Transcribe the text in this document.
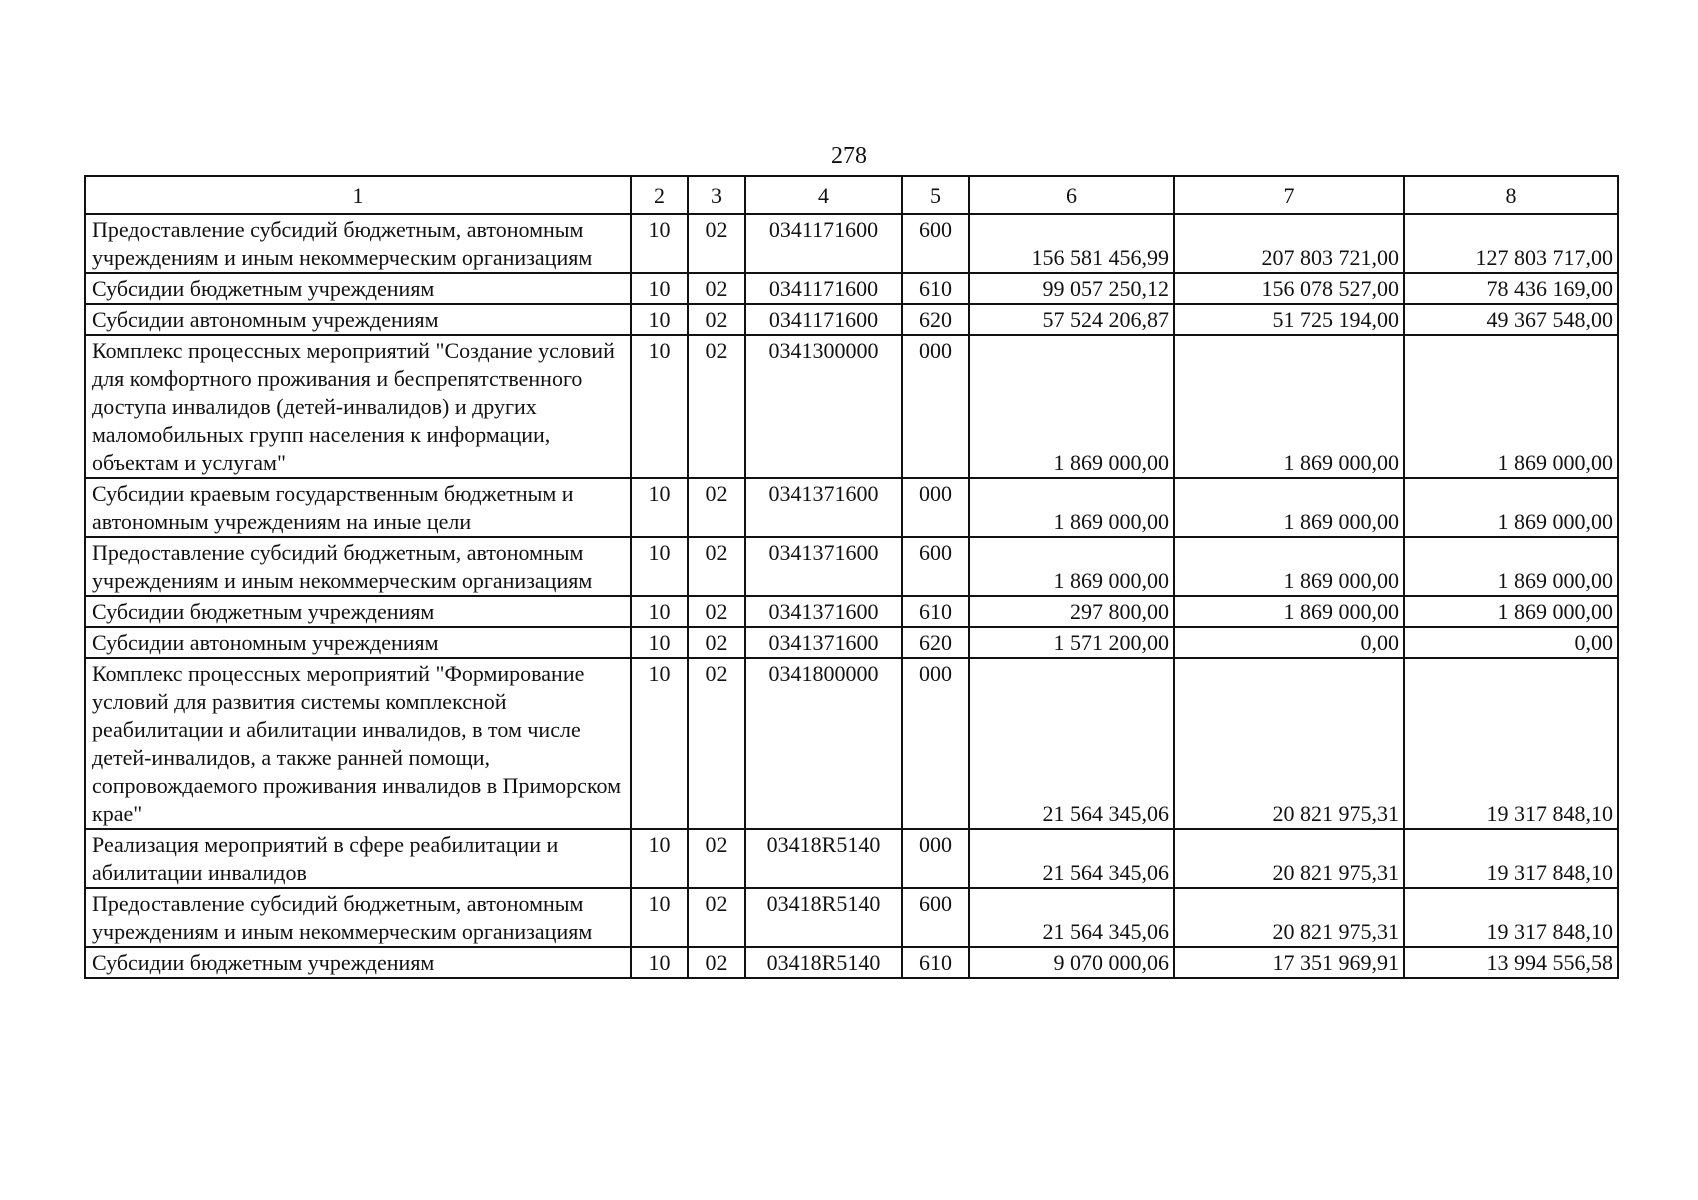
278
1	2	3	4	5	6	7	8
Предоставление субсидий бюджетным, автономным учреждениям и иным некоммерческим организациям	10	02	0341171600	600	156 581 456,99	207 803 721,00	127 803 717,00
Субсидии бюджетным учреждениям	10	02	0341171600	610	99 057 250,12	156 078 527,00	78 436 169,00
Субсидии автономным учреждениям	10	02	0341171600	620	57 524 206,87	51 725 194,00	49 367 548,00
Комплекс процессных мероприятий "Создание условий для комфортного проживания и беспрепятственного доступа инвалидов (детей-инвалидов) и других маломобильных групп населения к информации, объектам и услугам"	10	02	0341300000	000	1 869 000,00	1 869 000,00	1 869 000,00
Субсидии краевым государственным бюджетным и автономным учреждениям на иные цели	10	02	0341371600	000	1 869 000,00	1 869 000,00	1 869 000,00
Предоставление субсидий бюджетным, автономным учреждениям и иным некоммерческим организациям	10	02	0341371600	600	1 869 000,00	1 869 000,00	1 869 000,00
Субсидии бюджетным учреждениям	10	02	0341371600	610	297 800,00	1 869 000,00	1 869 000,00
Субсидии автономным учреждениям	10	02	0341371600	620	1 571 200,00	0,00	0,00
Комплекс процессных мероприятий "Формирование условий для развития системы комплексной реабилитации и абилитации инвалидов, в том числе детей-инвалидов, а также ранней помощи, сопровождаемого проживания инвалидов в Приморском крае"	10	02	0341800000	000	21 564 345,06	20 821 975,31	19 317 848,10
Реализация мероприятий в сфере реабилитации и абилитации инвалидов	10	02	03418R5140	000	21 564 345,06	20 821 975,31	19 317 848,10
Предоставление субсидий бюджетным, автономным учреждениям и иным некоммерческим организациям	10	02	03418R5140	600	21 564 345,06	20 821 975,31	19 317 848,10
Субсидии бюджетным учреждениям	10	02	03418R5140	610	9 070 000,06	17 351 969,91	13 994 556,58
